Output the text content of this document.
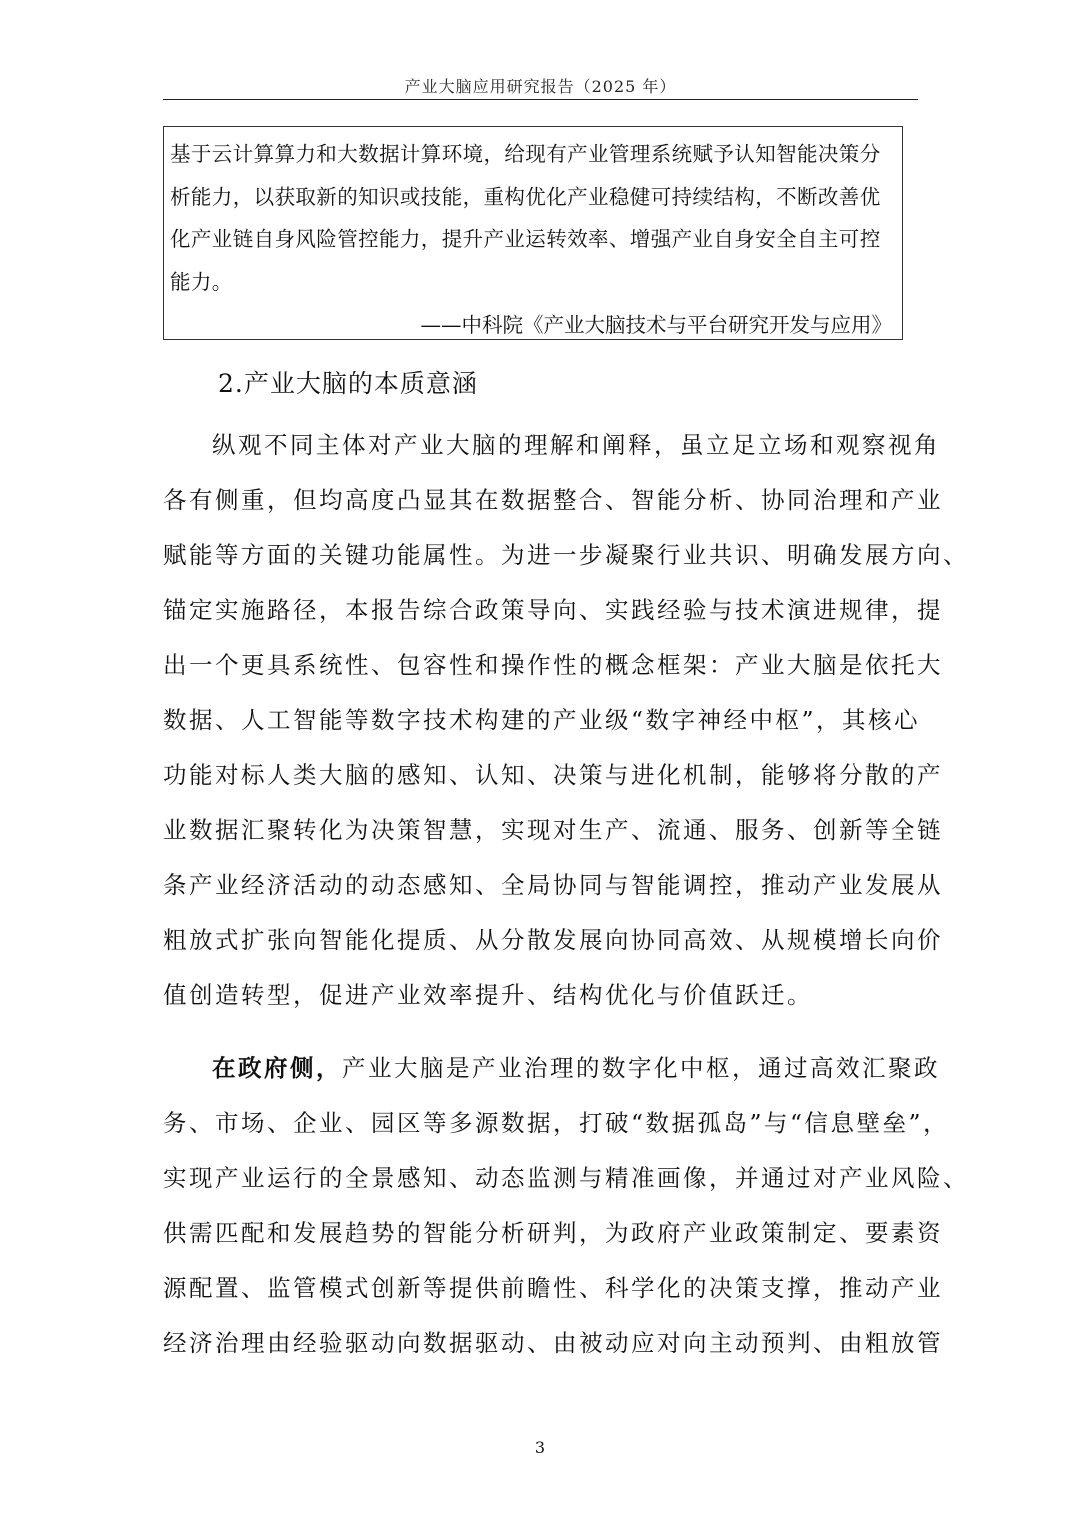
产业大脑应用研究报告（2025 年）
基于云计算算力和大数据计算环境，给现有产业管理系统赋予认知智能决策分
析能力，以获取新的知识或技能，重构优化产业稳健可持续结构，不断改善优
化产业链自身风险管控能力，提升产业运转效率、增强产业自身安全自主可控
能力。
——中科院《产业大脑技术与平台研究开发与应用》
2.产业大脑的本质意涵
纵观不同主体对产业大脑的理解和阐释，虽立足立场和观察视角
各有侧重，但均高度凸显其在数据整合、智能分析、协同治理和产业
赋能等方面的关键功能属性。为进一步凝聚行业共识、明确发展方向、
锚定实施路径，本报告综合政策导向、实践经验与技术演进规律，提
出一个更具系统性、包容性和操作性的概念框架：产业大脑是依托大
数据、人工智能等数字技术构建的产业级“数字神经中枢”，其核心
功能对标人类大脑的感知、认知、决策与进化机制，能够将分散的产
业数据汇聚转化为决策智慧，实现对生产、流通、服务、创新等全链
条产业经济活动的动态感知、全局协同与智能调控，推动产业发展从
粗放式扩张向智能化提质、从分散发展向协同高效、从规模增长向价
值创造转型，促进产业效率提升、结构优化与价值跃迁。
在政府侧，产业大脑是产业治理的数字化中枢，通过高效汇聚政
务、市场、企业、园区等多源数据，打破“数据孤岛”与“信息壁垒”，
实现产业运行的全景感知、动态监测与精准画像，并通过对产业风险、
供需匹配和发展趋势的智能分析研判，为政府产业政策制定、要素资
源配置、监管模式创新等提供前瞻性、科学化的决策支撑，推动产业
经济治理由经验驱动向数据驱动、由被动应对向主动预判、由粗放管
3
